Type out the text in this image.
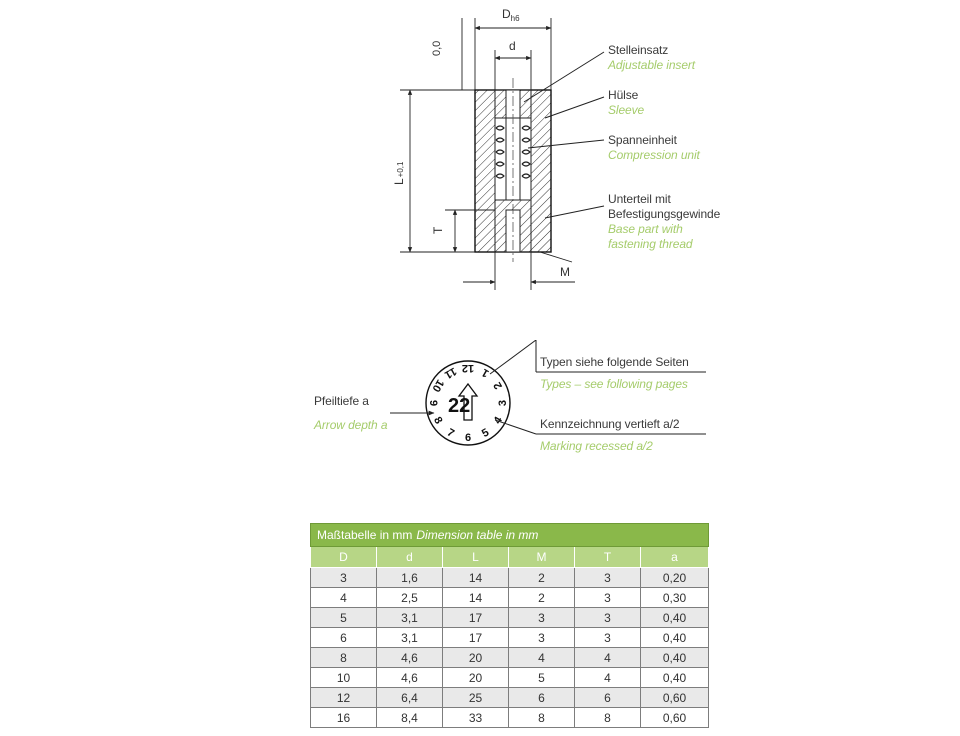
$D_{h6}$
d
0,0
L+0,1
T
M
Stelleinsatz
Adjustable insert
Hülse
Sleeve
Spanneinheit
Compression unit
Unterteil mit
Befestigungsgewinde
Base part with
fastening thread
12 1
2
3
4
5
6
7
8
9
10
11
22
Typen siehe folgende Seiten
Types – see following pages
Pfeiltiefe a
Arrow depth a	Kennzeichnung vertieft a/2
Marking recessed a/2
Maßtabelle in mm Dimension table in mm					
D	d	L	M	T	a
3	1,6	14	2	3	0,20
4	2,5	14	2	3	0,30
5	3,1	17	3	3	0,40
6	3,1	17	3	3	0,40
8	4,6	20	4	4	0,40
10	4,6	20	5	4	0,40
12	6,4	25	6	6	0,60
16	8,4	33	8	8	0,60
